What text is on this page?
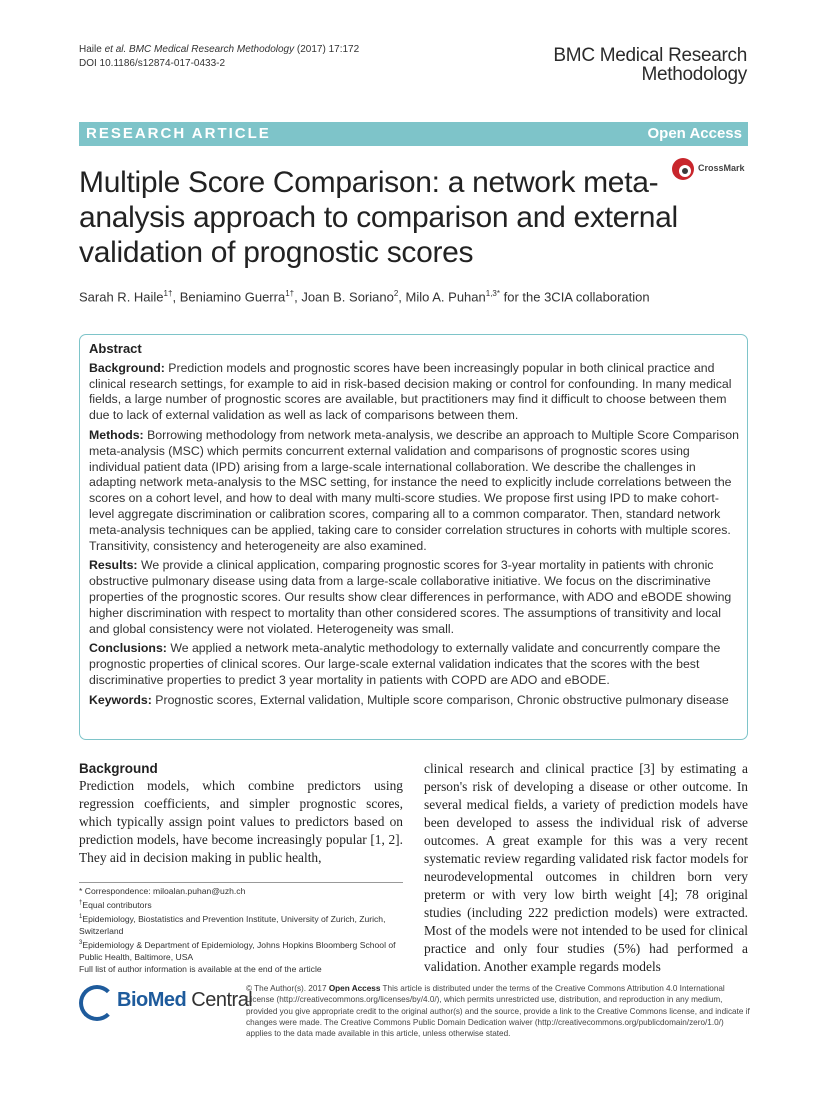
Haile et al. BMC Medical Research Methodology (2017) 17:172
DOI 10.1186/s12874-017-0433-2	BMC Medical Research
Methodology
RESEARCH ARTICLE	Open Access
Multiple Score Comparison: a network meta-analysis approach to comparison and external validation of prognostic scores
CrossMark
Sarah R. Haile$^{1\dagger}$, Beniamino Guerra$^{1\dagger}$, Joan B. Soriano$^2$, Milo A. Puhan$^{1,3*}$ for the 3CIA collaboration
Abstract

Background: Prediction models and prognostic scores have been increasingly popular in both clinical practice and clinical research settings, for example to aid in risk-based decision making or control for confounding. In many medical fields, a large number of prognostic scores are available, but practitioners may find it difficult to choose between them due to lack of external validation as well as lack of comparisons between them.

Methods: Borrowing methodology from network meta-analysis, we describe an approach to Multiple Score Comparison meta-analysis (MSC) which permits concurrent external validation and comparisons of prognostic scores using individual patient data (IPD) arising from a large-scale international collaboration. We describe the challenges in adapting network meta-analysis to the MSC setting, for instance the need to explicitly include correlations between the scores on a cohort level, and how to deal with many multi-score studies. We propose first using IPD to make cohort-level aggregate discrimination or calibration scores, comparing all to a common comparator. Then, standard network meta-analysis techniques can be applied, taking care to consider correlation structures in cohorts with multiple scores. Transitivity, consistency and heterogeneity are also examined.

Results: We provide a clinical application, comparing prognostic scores for 3-year mortality in patients with chronic obstructive pulmonary disease using data from a large-scale collaborative initiative. We focus on the discriminative properties of the prognostic scores. Our results show clear differences in performance, with ADO and eBODE showing higher discrimination with respect to mortality than other considered scores. The assumptions of transitivity and local and global consistency were not violated. Heterogeneity was small.

Conclusions: We applied a network meta-analytic methodology to externally validate and concurrently compare the prognostic properties of clinical scores. Our large-scale external validation indicates that the scores with the best discriminative properties to predict 3 year mortality in patients with COPD are ADO and eBODE.

Keywords: Prognostic scores, External validation, Multiple score comparison, Chronic obstructive pulmonary disease

Background
Prediction models, which combine predictors using regression coefficients, and simpler prognostic scores, which typically assign point values to predictors based on prediction models, have become increasingly popular [1, 2]. They aid in decision making in public health,
clinical research and clinical practice [3] by estimating a person's risk of developing a disease or other outcome. In several medical fields, a variety of prediction models have been developed to assess the individual risk of adverse outcomes. A great example for this was a very recent systematic review regarding validated risk factor models for neurodevelopmental outcomes in children born very preterm or with very low birth weight [4]; 78 original studies (including 222 prediction models) were extracted. Most of the models were not intended to be used for clinical practice and only four studies (5%) had performed a validation. Another example regards models

* Correspondence: miloalan.puhan@uzh.ch

†Equal contributors

$^1$Epidemiology, Biostatistics and Prevention Institute, University of Zurich, Zurich, Switzerland

$^3$Epidemiology & Department of Epidemiology, Johns Hopkins Bloomberg School of Public Health, Baltimore, USA

Full list of author information is available at the end of the article

BioMed Central
© The Author(s). 2017 Open Access This article is distributed under the terms of the Creative Commons Attribution 4.0 International License (http://creativecommons.org/licenses/by/4.0/), which permits unrestricted use, distribution, and reproduction in any medium, provided you give appropriate credit to the original author(s) and the source, provide a link to the Creative Commons license, and indicate if changes were made. The Creative Commons Public Domain Dedication waiver (http://creativecommons.org/publicdomain/zero/1.0/) applies to the data made available in this article, unless otherwise stated.
